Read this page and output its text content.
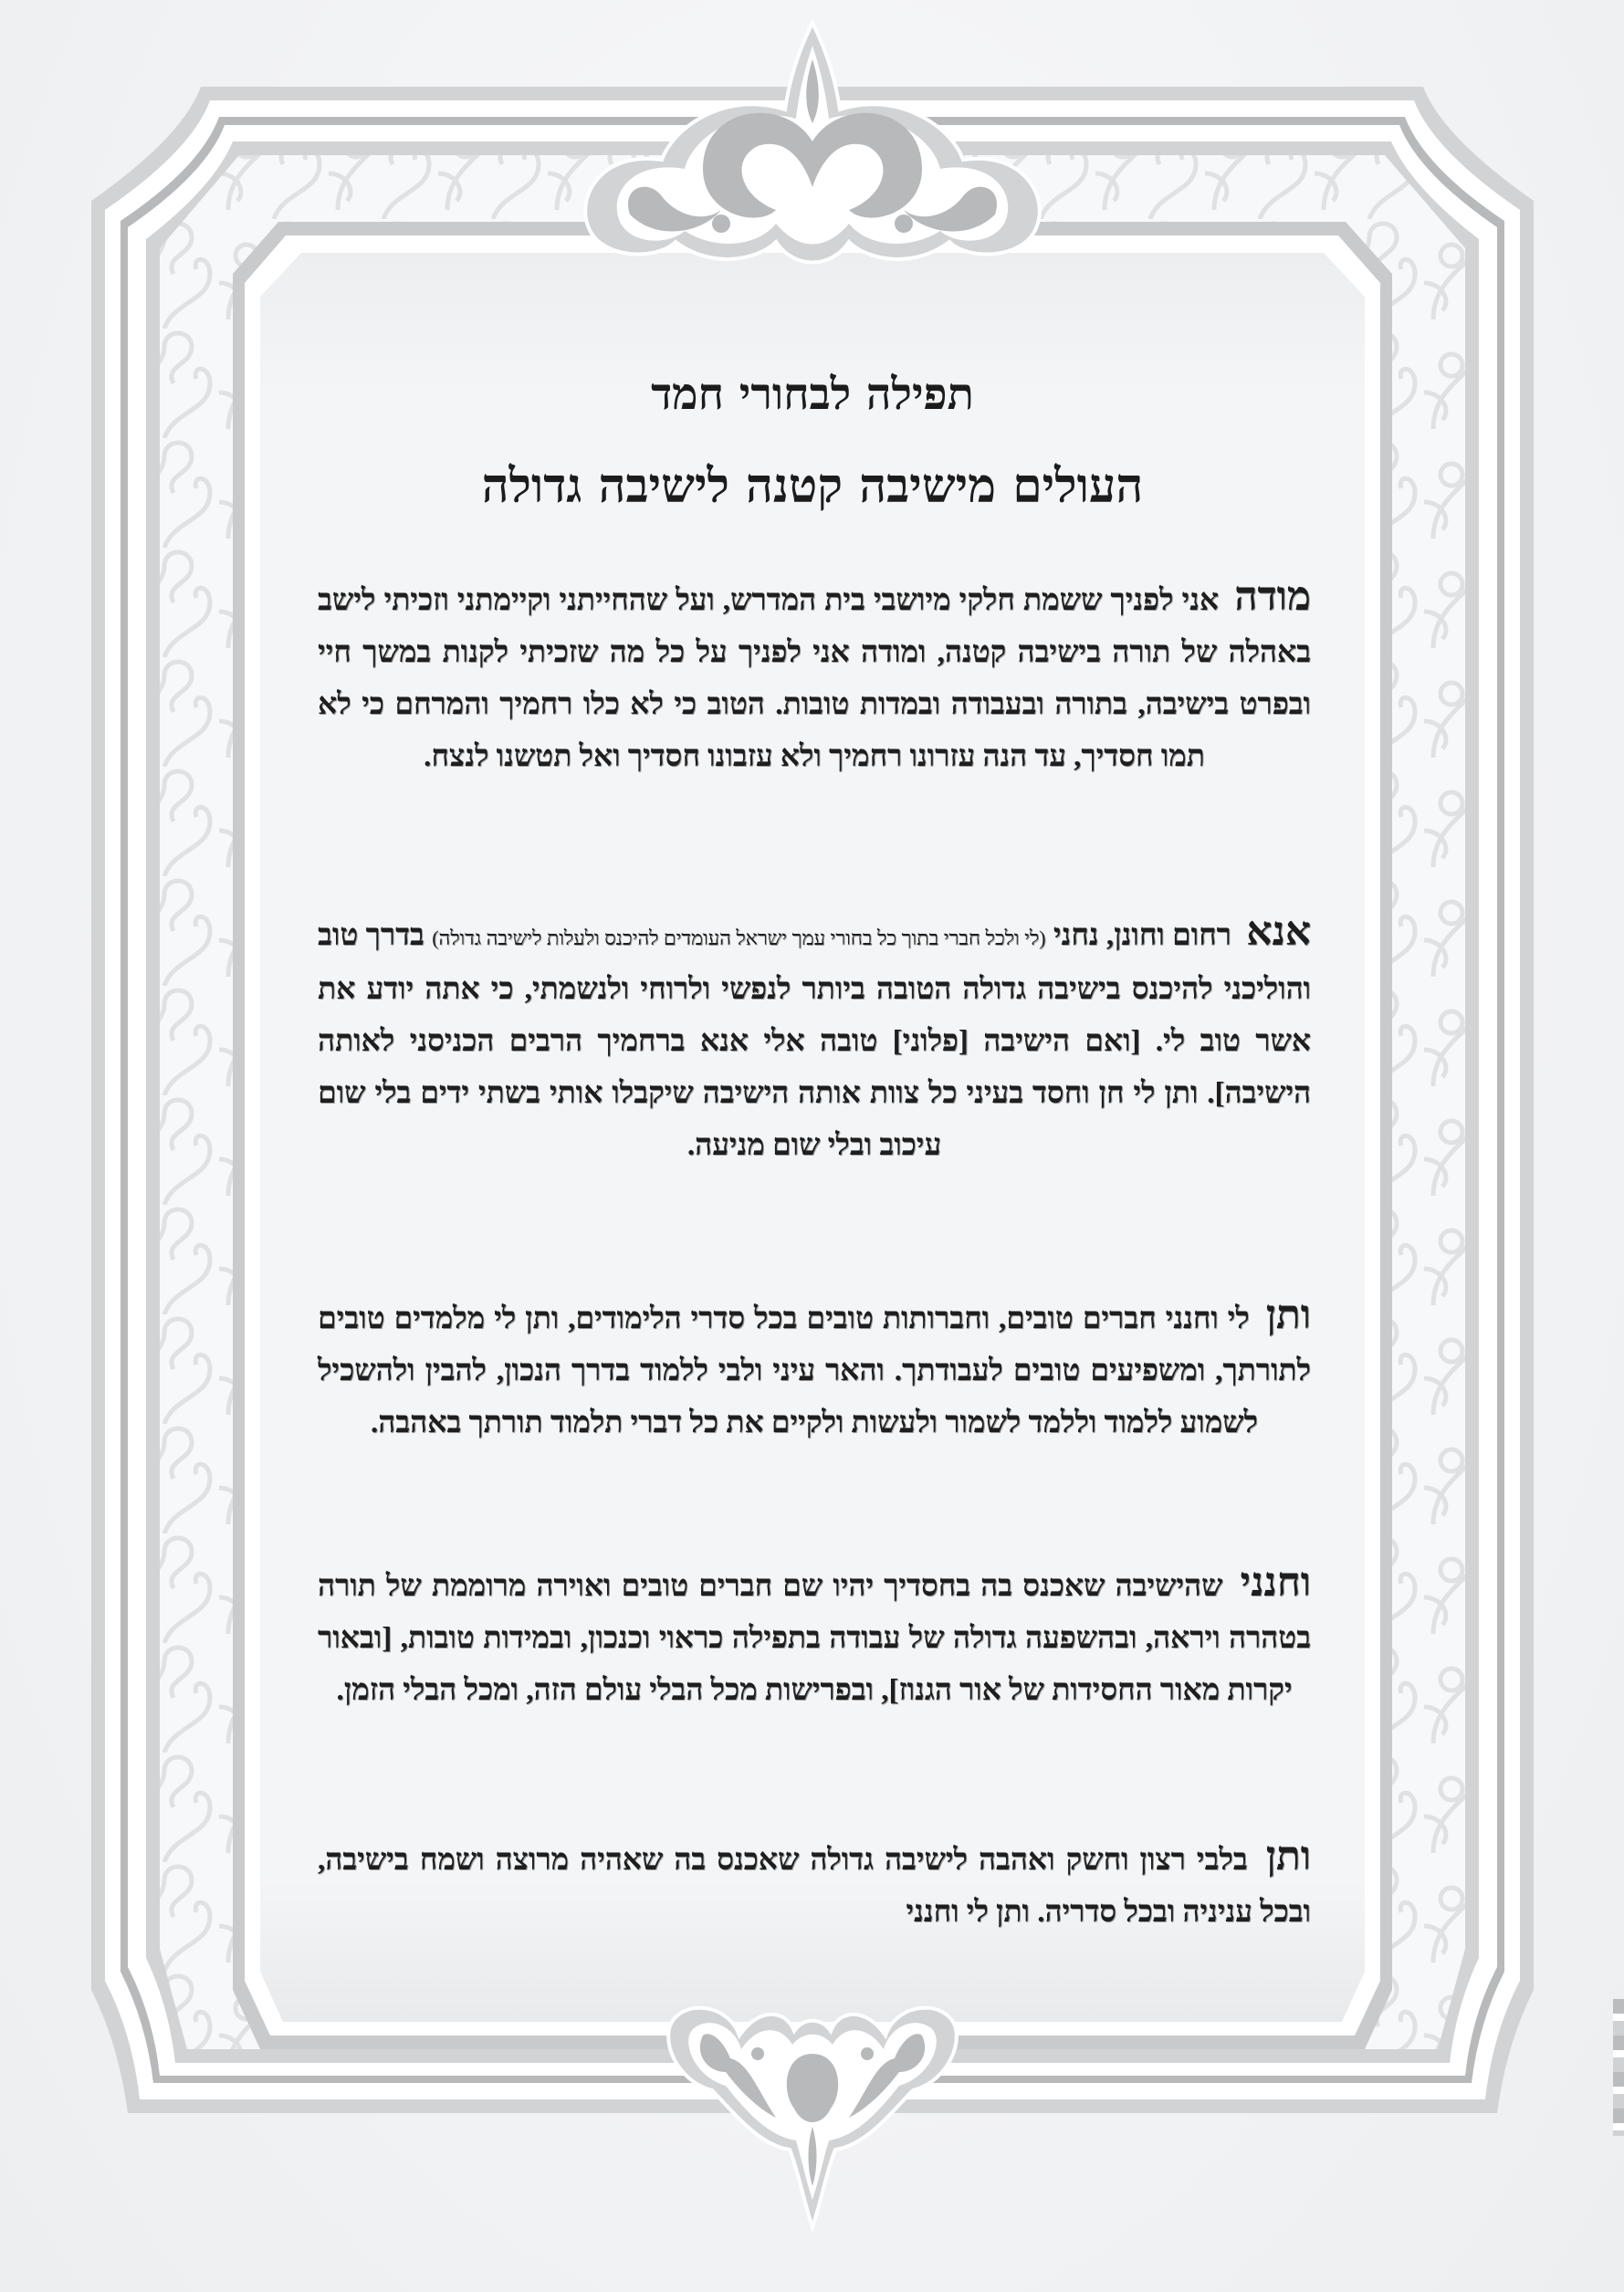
תפילה לבחורי חמד
העולים מישיבה קטנה לישיבה גדולה
מודה אני לפניך ששמת חלקי מיושבי בית המדרש, ועל שהחייתני וקיימתני וזכיתי לישב באהלה של תורה בישיבה קטנה, ומודה אני לפניך על כל מה שזכיתי לקנות במשך חיי ובפרט בישיבה, בתורה ובעבודה ובמדות טובות. הטוב כי לא כלו רחמיך והמרחם כי לא תמו חסדיך, עד הנה עזרונו רחמיך ולא עזבונו חסדיך ואל תטשנו לנצח.
אנא רחום וחונן, נחני (לי ולכל חברי בתוך כל בחורי עמך ישראל העומדים להיכנס ולעלות לישיבה גדולה) בדרך טוב והוליכני להיכנס בישיבה גדולה הטובה ביותר לנפשי ולרוחי ולנשמתי, כי אתה יודע את אשר טוב לי. [ואם הישיבה [פלוני] טובה אלי אנא ברחמיך הרבים הכניסני לאותה הישיבה]. ותן לי חן וחסד בעיני כל צוות אותה הישיבה שיקבלו אותי בשתי ידים בלי שום עיכוב ובלי שום מניעה.
ותן לי וחנני חברים טובים, וחברותות טובים בכל סדרי הלימודים, ותן לי מלמדים טובים לתורתך, ומשפיעים טובים לעבודתך. והאר עיני ולבי ללמוד בדרך הנכון, להבין ולהשכיל לשמוע ללמוד וללמד לשמור ולעשות ולקיים את כל דברי תלמוד תורתך באהבה.
וחנני שהישיבה שאכנס בה בחסדיך יהיו שם חברים טובים ואוירה מרוממת של תורה בטהרה ויראה, ובהשפעה גדולה של עבודה בתפילה כראוי וכנכון, ובמידות טובות, [ובאור יקרות מאור החסידות של אור הגנוז], ובפרישות מכל הבלי עולם הזה, ומכל הבלי הזמן.
ותן בלבי רצון וחשק ואהבה לישיבה גדולה שאכנס בה שאהיה מרוצה ושמח בישיבה, ובכל עניניה ובכל סדריה. ותן לי וחנני
